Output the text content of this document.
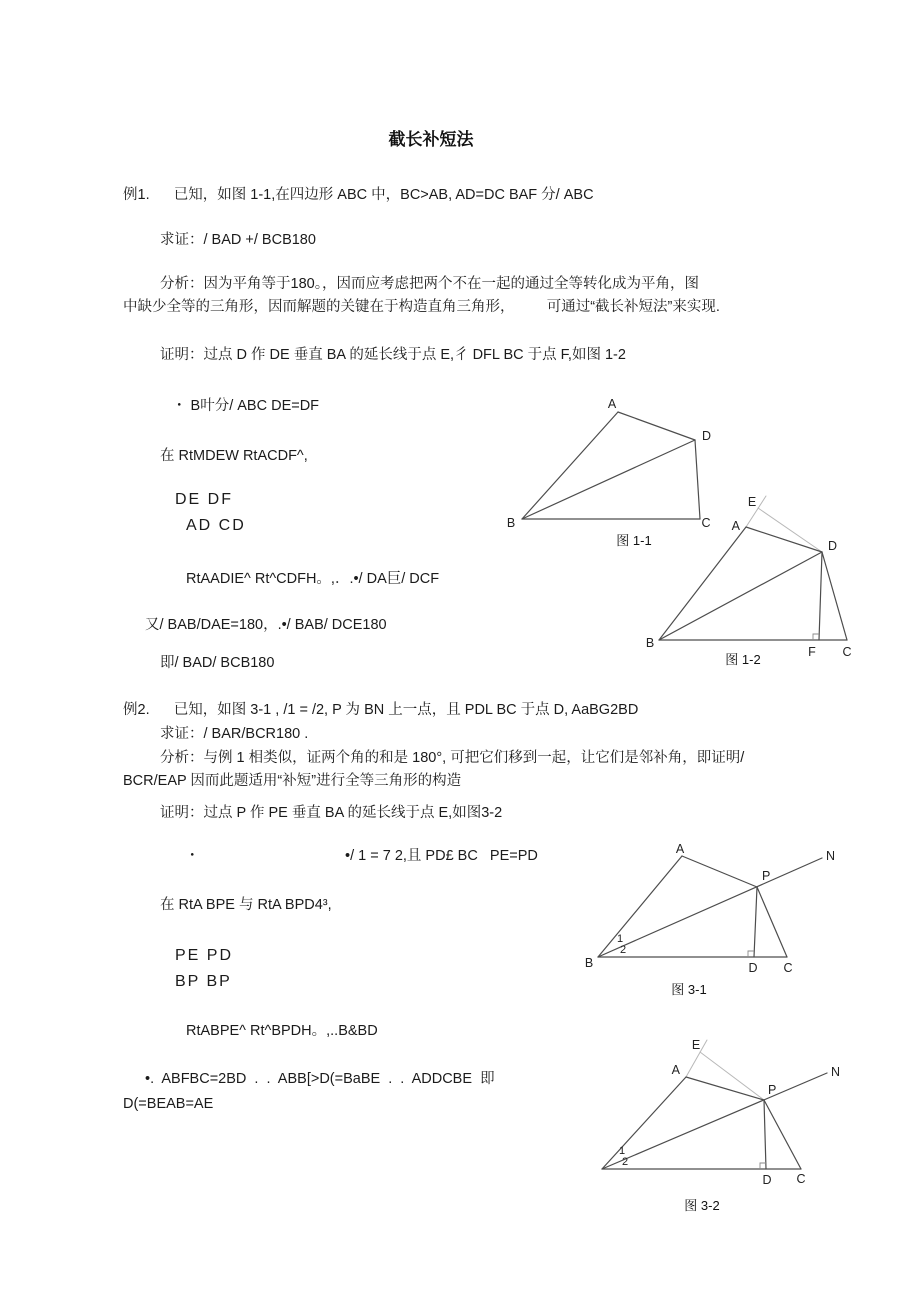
截长补短法
例1.      已知，如图 1-1,在四边形 ABC 中，BC>AB, AD=DC BAF 分/ ABC
求证：/ BAD +/ BCB180
分析：因为平角等于180。，因而应考虑把两个不在一起的通过全等转化成为平角，图
中缺少全等的三角形，因而解题的关键在于构造直角三角形，        可通过“截长补短法”来实现.
证明：过点 D 作 DE 垂直 BA 的延长线于点 E,彳 DFL BC 于点 F,如图 1-2
・ B叶分/ ABC DE=DF
在 RtMDEW RtACDF^,
DE DF
AD CD
RtAADIE^ Rt^CDFH。,．.•/ DA巨/ DCF
又/ BAB/DAE=180，.•/ BAB/ DCE180
即/ BAD/ BCB180
例2.      已知，如图 3-1 , /1 = /2, P 为 BN 上一点，且 PDL BC 于点 D, AaBG2BD
求证：/ BAR/BCR180 .
分析：与例 1 相类似，证两个角的和是 180°, 可把它们移到一起，让它们是邻补角，即证明/
BCR/EAP 因而此题适用“补短”进行全等三角形的构造
证明：过点 P 作 PE 垂直 BA 的延长线于点 E,如图3-2
・	•/ 1 = 7 2,且 PD£ BC   PE=PD
在 RtA BPE 与 RtA BPD4³,
PE PD
BP BP
RtABPE^ Rt^BPDH。,..B&BD
•.  ABFBC=2BD  .  .  ABB[>D(=BaBE  .  .  ADDCBE  即
D(=BEAB=AE
A
D
B	C
图 1-1
E
A
D
B
F C
图 1-2
A
P
N
B	D C
1
2
图 3-1
E
A
P
N
D C
1
2
图 3-2
